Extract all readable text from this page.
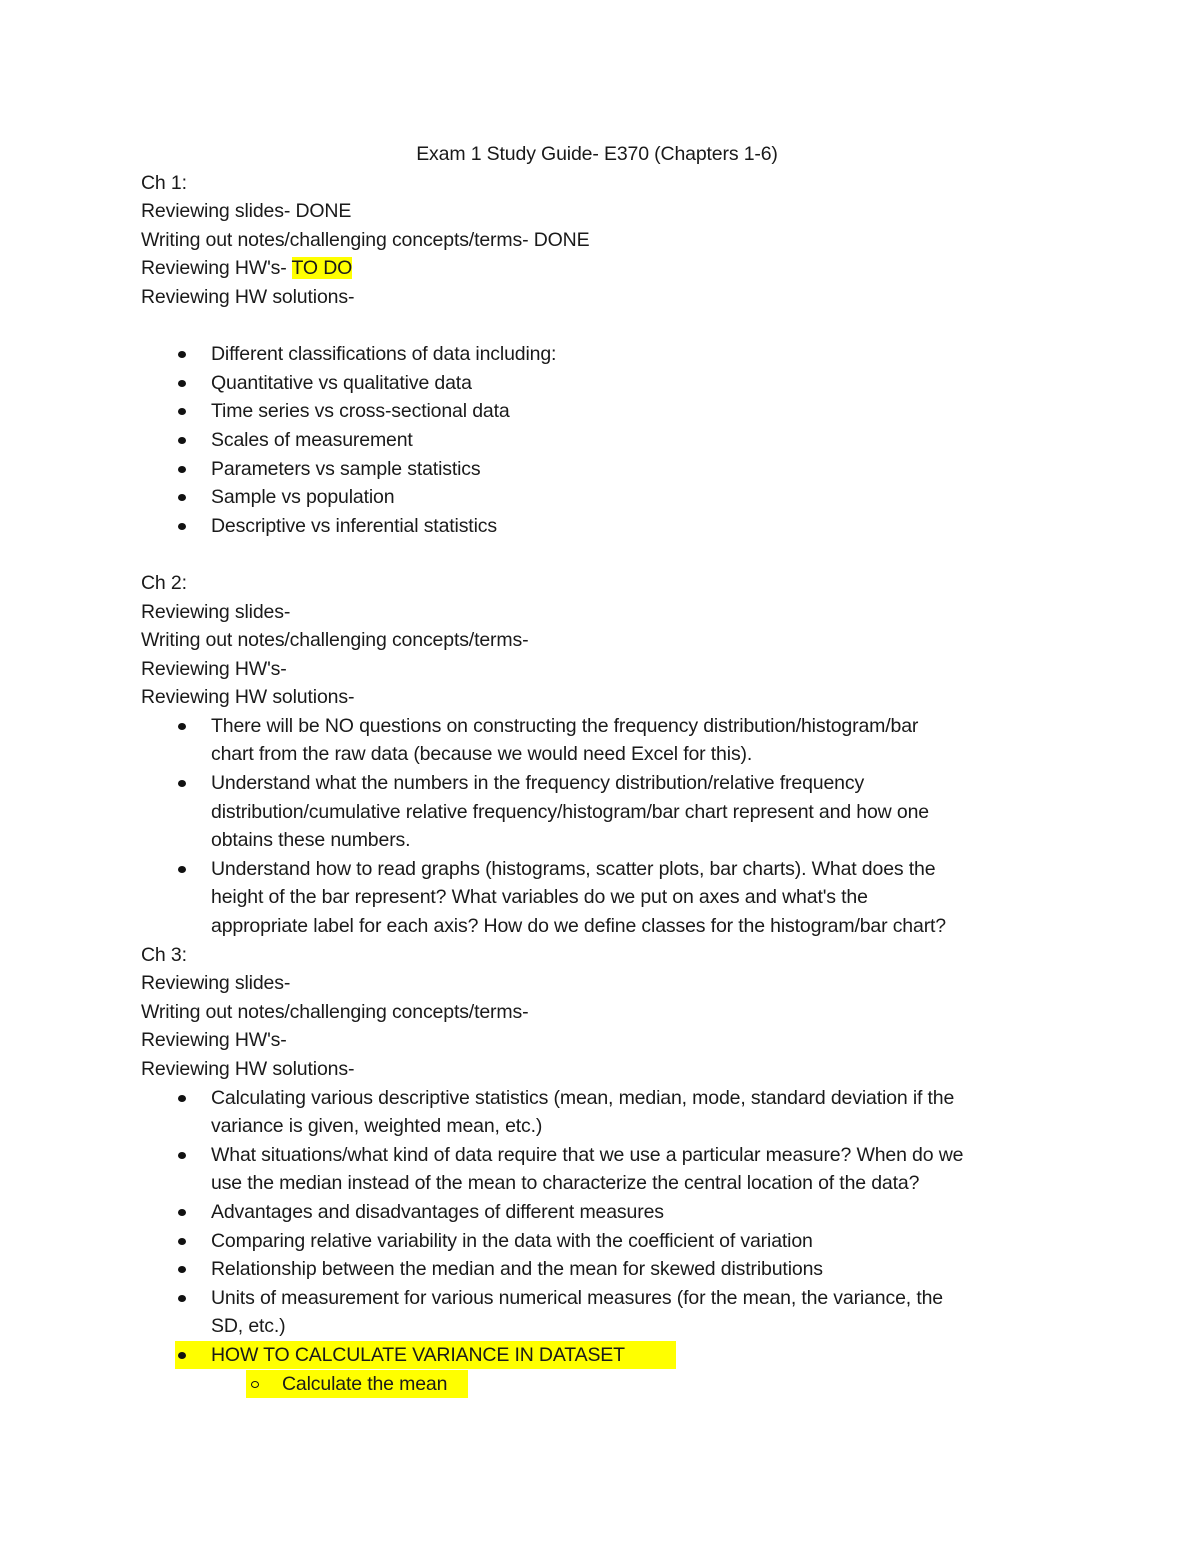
Exam 1 Study Guide- E370 (Chapters 1-6)

Ch 1:

Reviewing slides- DONE

Writing out notes/challenging concepts/terms- DONE

Reviewing HW's- TO DO

Reviewing HW solutions-

Different classifications of data including:
Quantitative vs qualitative data
Time series vs cross-sectional data
Scales of measurement
Parameters vs sample statistics
Sample vs population
Descriptive vs inferential statistics

Ch 2:

Reviewing slides-

Writing out notes/challenging concepts/terms-

Reviewing HW's-

Reviewing HW solutions-

There will be NO questions on constructing the frequency distribution/histogram/bar
chart from the raw data (because we would need Excel for this).
Understand what the numbers in the frequency distribution/relative frequency
distribution/cumulative relative frequency/histogram/bar chart represent and how one
obtains these numbers.
Understand how to read graphs (histograms, scatter plots, bar charts). What does the
height of the bar represent? What variables do we put on axes and what's the
appropriate label for each axis? How do we define classes for the histogram/bar chart?

Ch 3:

Reviewing slides-

Writing out notes/challenging concepts/terms-

Reviewing HW's-

Reviewing HW solutions-

Calculating various descriptive statistics (mean, median, mode, standard deviation if the
variance is given, weighted mean, etc.)
What situations/what kind of data require that we use a particular measure? When do we
use the median instead of the mean to characterize the central location of the data?
Advantages and disadvantages of different measures
Comparing relative variability in the data with the coefficient of variation
Relationship between the median and the mean for skewed distributions
Units of measurement for various numerical measures (for the mean, the variance, the
SD, etc.)
HOW TO CALCULATE VARIANCE IN DATASET
Calculate the mean
